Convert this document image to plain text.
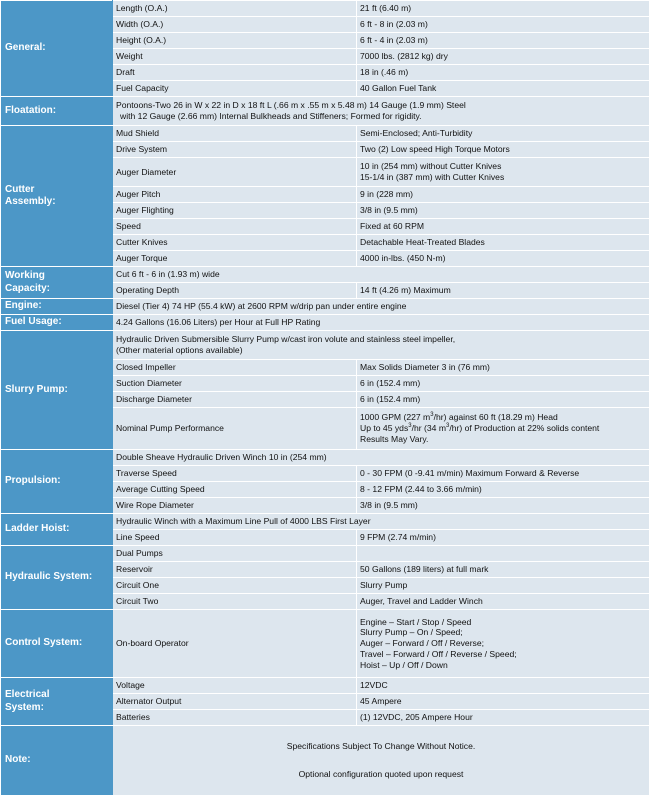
General:	Length (O.A.)	21 ft (6.40 m)
	Width (O.A.)	6 ft - 8 in (2.03 m)
	Height (O.A.)	6 ft - 4 in (2.03 m)
	Weight	7000 lbs. (2812 kg) dry
	Draft	18 in (.46 m)
	Fuel Capacity	40 Gallon Fuel Tank
Floatation:	Pontoons-Two 26 in W x 22 in D x 18 ft L (.66 m x .55 m x 5.48 m) 14 Gauge (1.9 mm) Steel
with 12 Gauge (2.66 mm) Internal Bulkheads and Stiffeners; Formed for rigidity.	

Cutter
Assembly:	Mud Shield	Semi-Enclosed; Anti-Turbidity
	Drive System	Two (2) Low speed High Torque Motors
	Auger Diameter	10 in (254 mm) without Cutter Knives
15-1/4 in (387 mm) with Cutter Knives

	Auger Pitch	9 in (228 mm)
	Auger Flighting	3/8 in (9.5 mm)
	Speed	Fixed at 60 RPM
	Cutter Knives	Detachable Heat-Treated Blades
	Auger Torque	4000 in-lbs. (450 N-m)

Working
Capacity:	Cut 6 ft - 6 in (1.93 m) wide	
	Operating Depth	14 ft (4.26 m) Maximum
Engine:	Diesel (Tier 4) 74 HP (55.4 kW) at 2600 RPM w/drip pan under entire engine	
Fuel Usage:	4.24 Gallons (16.06 Liters) per Hour at Full HP Rating	
Slurry Pump:	Hydraulic Driven Submersible Slurry Pump w/cast iron volute and stainless steel impeller,
(Other material options available)	

	Closed Impeller	Max Solids Diameter 3 in (76 mm)
	Suction Diameter	6 in (152.4 mm)
	Discharge Diameter	6 in (152.4 mm)
	Nominal Pump Performance	1000 GPM (227 $m^3/hr$) against 60 ft (18.29 m) Head
Up to 45 yds$^3$/hr (34 $m^3/hr$) of Production at 22% solids content
Results May Vary.

Propulsion:	Double Sheave Hydraulic Driven Winch 10 in (254 mm)	
	Traverse Speed	0 - 30 FPM (0 -9.41 m/min) Maximum Forward & Reverse
	Average Cutting Speed	8 - 12 FPM (2.44 to 3.66 m/min)
	Wire Rope Diameter	3/8 in (9.5 mm)
Ladder Hoist:	Hydraulic Winch with a Maximum Line Pull of 4000 LBS First Layer	
	Line Speed	9 FPM (2.74 m/min)
Hydraulic System:	Dual Pumps	
	Reservoir	50 Gallons (189 liters) at full mark
	Circuit One	Slurry Pump
	Circuit Two	Auger, Travel and Ladder Winch
Control System:	On-board Operator	Engine – Start / Stop / Speed
Slurry Pump – On / Speed;
Auger – Forward / Off / Reverse;
Travel – Forward / Off / Reverse / Speed;
Hoist – Up / Off / Down

Electrical
System:	Voltage	12VDC
	Alternator Output	45 Ampere
	Batteries	(1) 12VDC, 205 Ampere Hour
Note:	Specifications Subject To Change Without Notice.

Optional configuration quoted upon request	
